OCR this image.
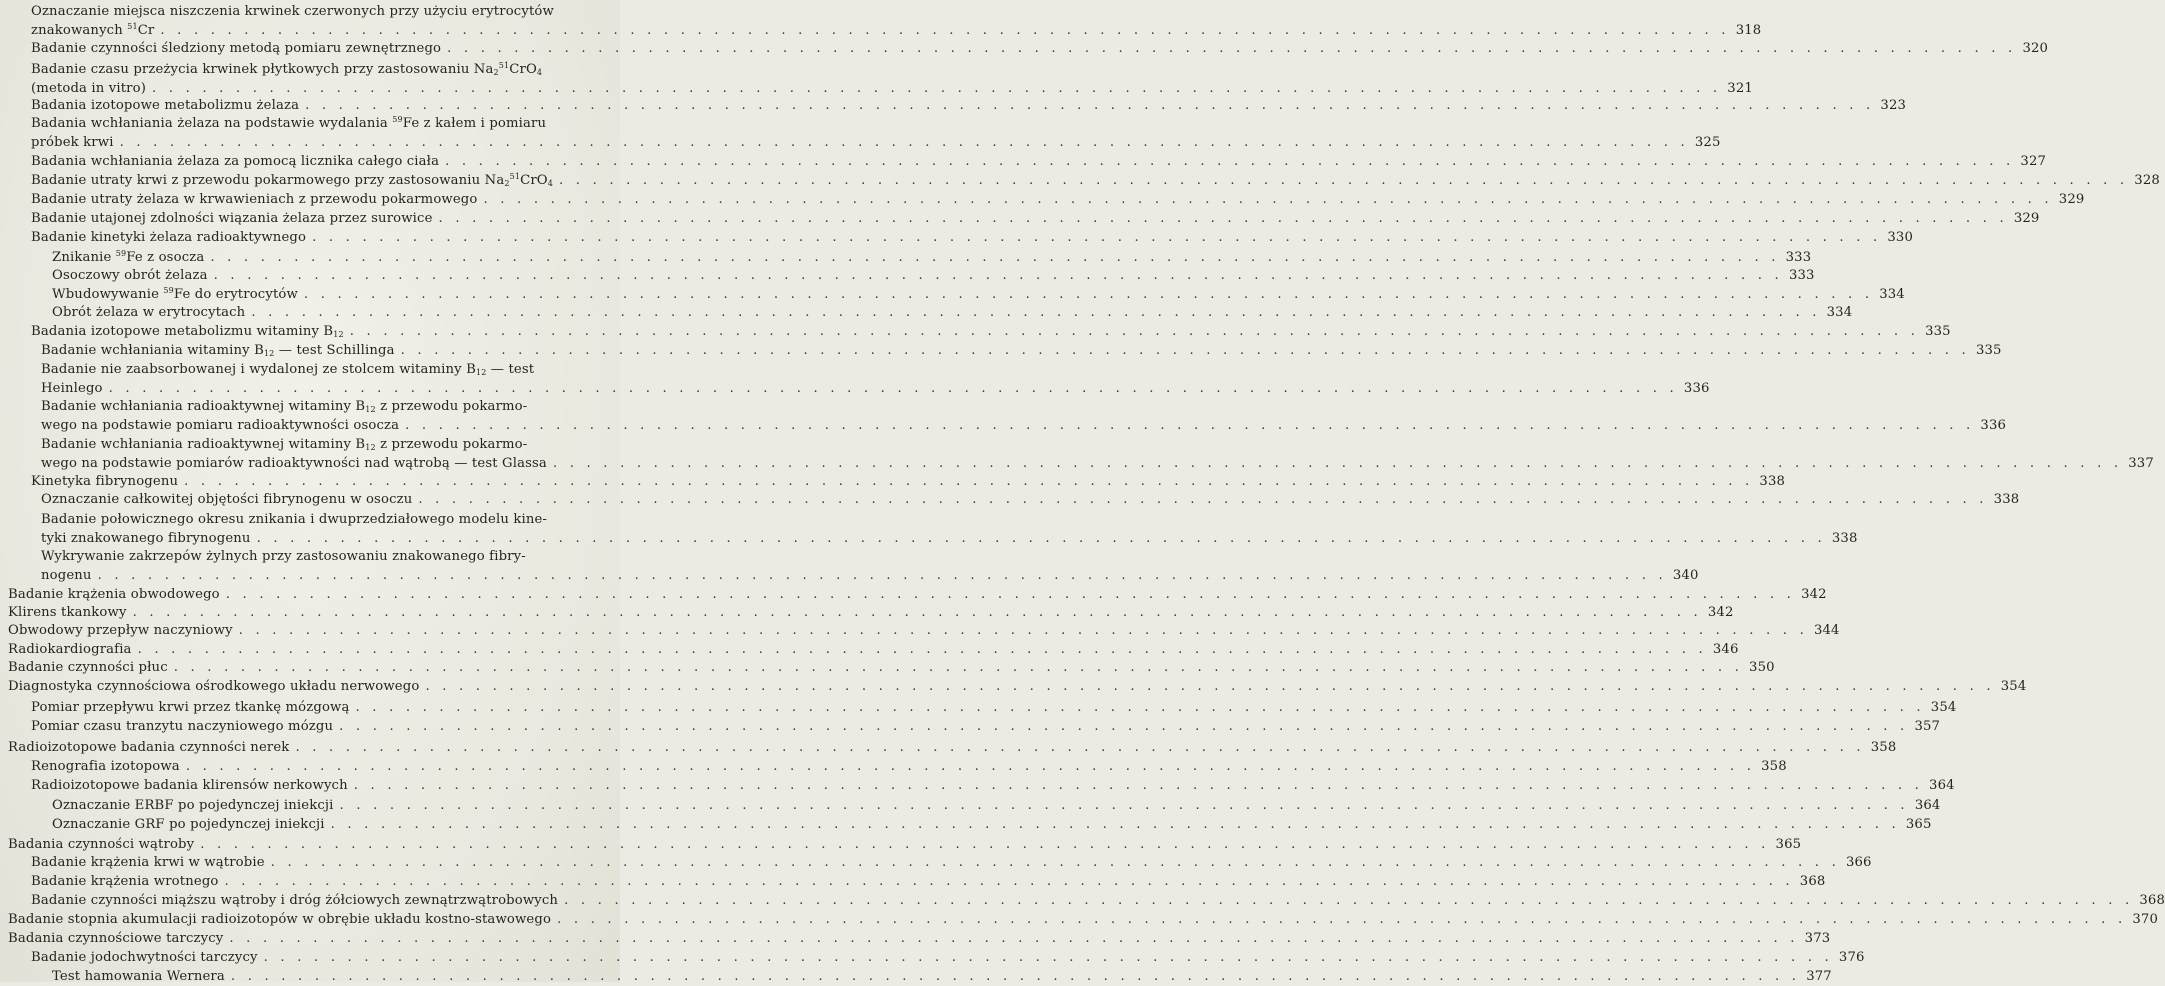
Oznaczanie miejsca niszczenia krwinek czerwonych przy użyciu erytrocytów
znakowanych $^{51}$Cr . . .	318
Badanie czynności śledziony metodą pomiaru zewnętrznego . . .	320
Badanie czasu przeżycia krwinek płytkowych przy zastosowaniu $Na_2^{51}CrO_4$
(metoda in vitro) . . .	321
Badania izotopowe metabolizmu żelaza . . .	323
Badania wchłaniania żelaza na podstawie wydalania $^{59}$Fe z kałem i pomiaru
próbek krwi . . .	325
Badania wchłaniania żelaza za pomocą licznika całego ciała . . .	327
Badanie utraty krwi z przewodu pokarmowego przy zastosowaniu $Na_2^{51}CrO_4$ . . .	328
Badanie utraty żelaza w krwawieniach z przewodu pokarmowego . . .	329
Badanie utajonej zdolności wiązania żelaza przez surowice . . .	329
Badanie kinetyki żelaza radioaktywnego . . .	330
Znikanie $^{59}$Fe z osocza . . .	333
Osoczowy obrót żelaza . . .	333
Wbudowywanie $^{59}$Fe do erytrocytów . . .	334
Obrót żelaza w erytrocytach . . .	334
Badania izotopowe metabolizmu witaminy $B_{12}$ . . .	335
Badanie wchłaniania witaminy $B_{12}$ — test Schillinga . . .	335
Badanie nie zaabsorbowanej i wydalonej ze stolcem witaminy $B_{12}$ — test
Heinlego . . .	336
Badanie wchłaniania radioaktywnej witaminy $B_{12}$ z przewodu pokarmo-
wego na podstawie pomiaru radioaktywności osocza . . .	336
Badanie wchłaniania radioaktywnej witaminy $B_{12}$ z przewodu pokarmo-
wego na podstawie pomiarów radioaktywności nad wątrobą — test Glassa . . .	337
Kinetyka fibrynogenu . . .	338
Oznaczanie całkowitej objętości fibrynogenu w osoczu . . .	338
Badanie połowicznego okresu znikania i dwuprzedziałowego modelu kine-
tyki znakowanego fibrynogenu . . .	338
Wykrywanie zakrzepów żylnych przy zastosowaniu znakowanego fibry-
nogenu . . .	340
Badanie krążenia obwodowego . . .	342
Klirens tkankowy . . .	342
Obwodowy przepływ naczyniowy . . .	344
Radiokardiografia . . .	346
Badanie czynności płuc . . .	350
Diagnostyka czynnościowa ośrodkowego układu nerwowego . . .	354
Pomiar przepływu krwi przez tkankę mózgową . . .	354
Pomiar czasu tranzytu naczyniowego mózgu . . .	357
Radioizotopowe badania czynności nerek . . .	358
Renografia izotopowa . . .	358
Radioizotopowe badania klirensów nerkowych . . .	364
Oznaczanie ERBF po pojedynczej iniekcji . . .	364
Oznaczanie GRF po pojedynczej iniekcji . . .	365
Badania czynności wątroby . . .	365
Badanie krążenia krwi w wątrobie . . .	366
Badanie krążenia wrotnego . . .	368
Badanie czynności miąższu wątroby i dróg żółciowych zewnątrzwątrobowych . . .	368
Badanie stopnia akumulacji radioizotopów w obrębie układu kostno-stawowego . . .	370
Badania czynnościowe tarczycy . . .	373
Badanie jodochwytności tarczycy . . .	376
Test hamowania Wernera . . .	377
